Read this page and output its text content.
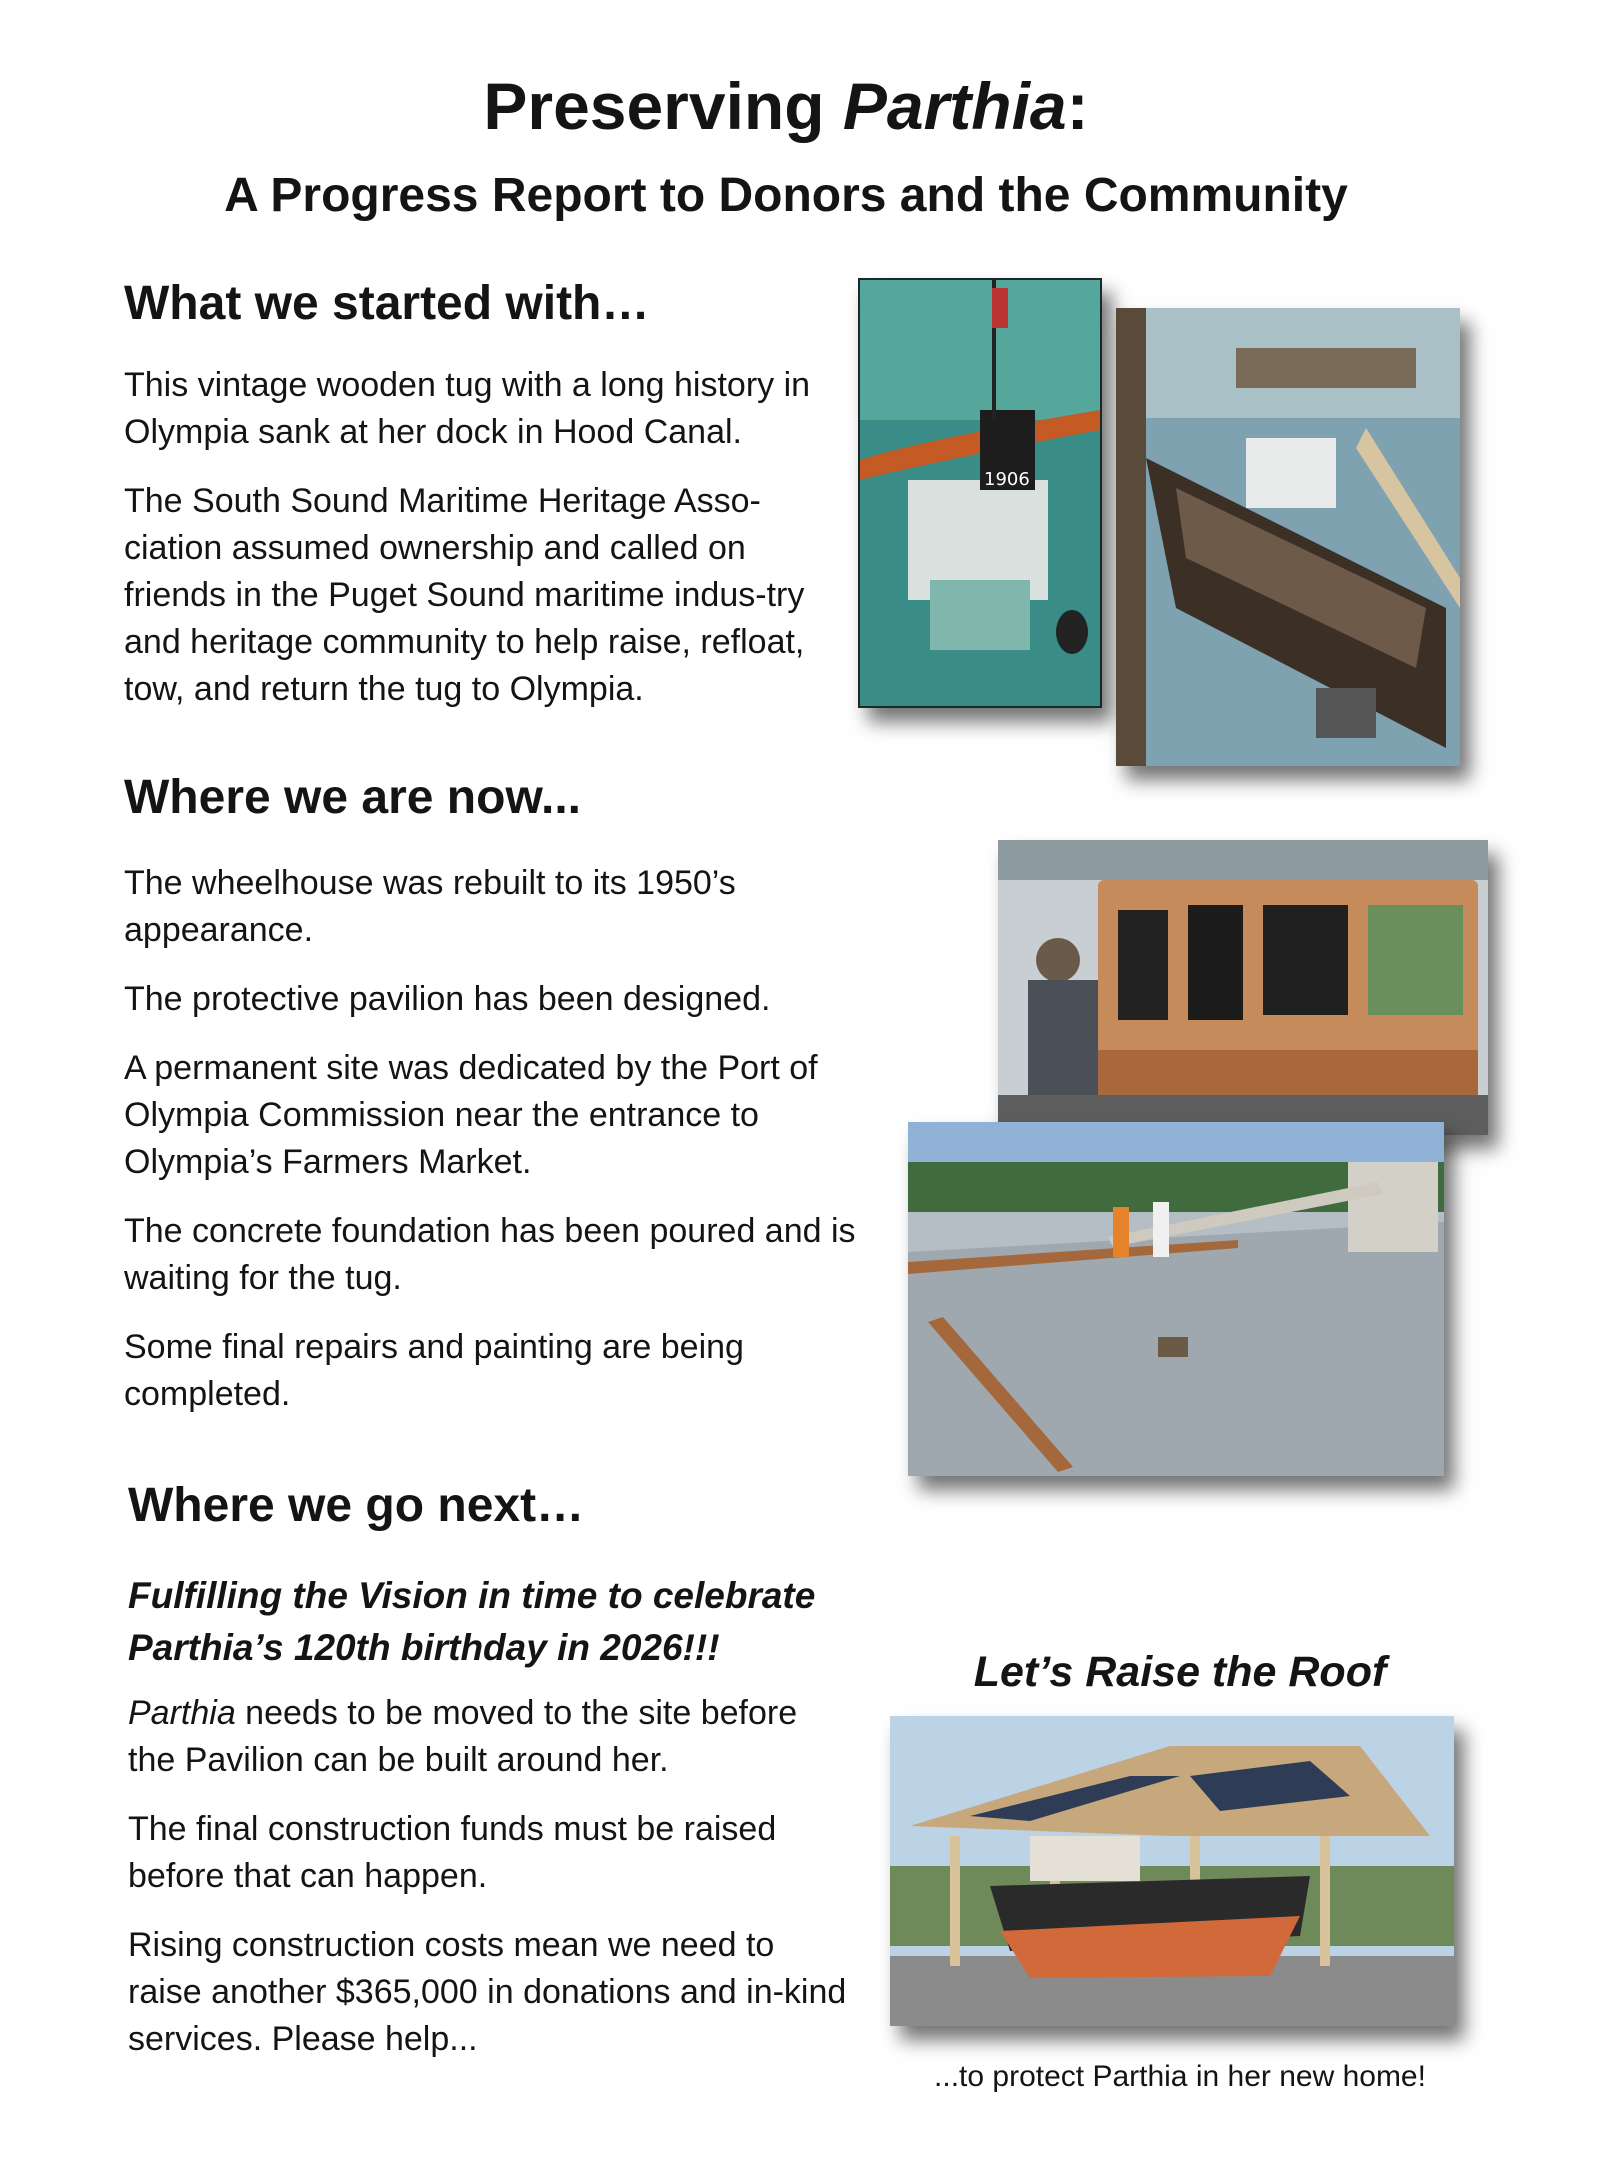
Preserving Parthia:
A Progress Report to Donors and the Community
What we started with…

This vintage wooden tug with a long history in Olympia sank at her dock in Hood Canal.

The South Sound Maritime Heritage Asso-ciation assumed ownership and called on friends in the Puget Sound maritime indus-try and heritage community to help raise, refloat, tow, and return the tug to Olympia.

1906
Where we are now...

The wheelhouse was rebuilt to its 1950’s appearance.

The protective pavilion has been designed.

A permanent site was dedicated by the Port of Olympia Commission near the entrance to Olympia’s Farmers Market.

The concrete foundation has been poured and is waiting for the tug.

Some final repairs and painting are being completed.

Where we go next…
Fulfilling the Vision in time to celebrate Parthia’s 120th birthday in 2026!!!

Parthia needs to be moved to the site before the Pavilion can be built around her.

The final construction funds must be raised before that can happen.

Rising construction costs mean we need to raise another $365,000 in donations and in-kind services. Please help...

Let’s Raise the Roof
...to protect Parthia in her new home!
